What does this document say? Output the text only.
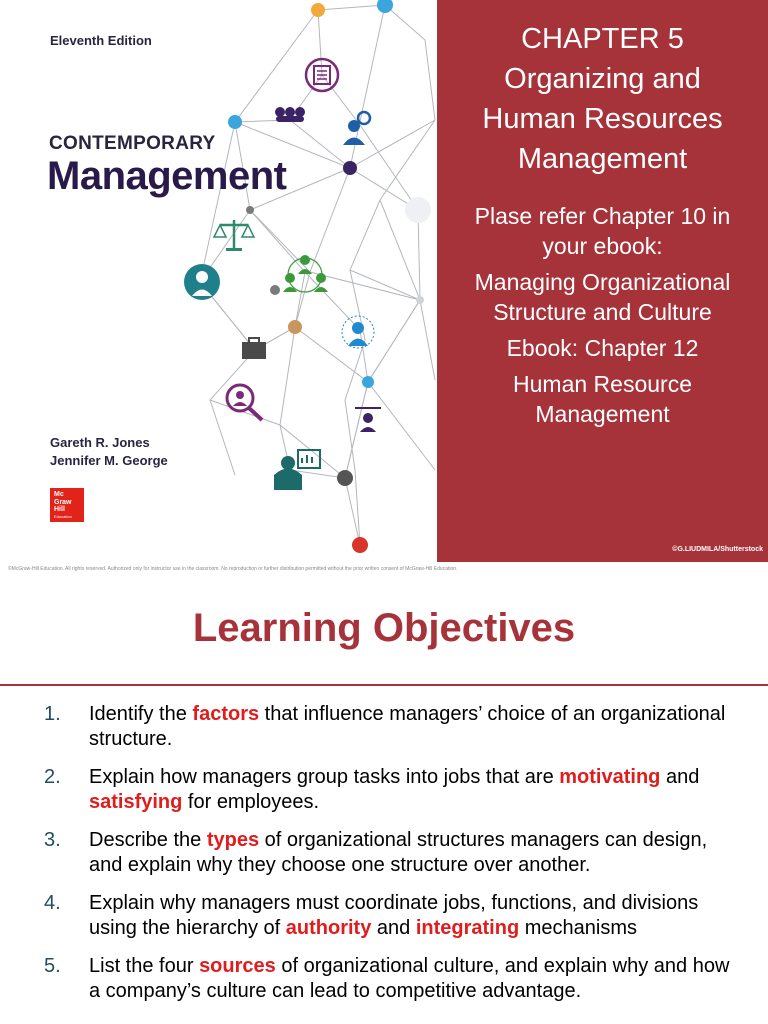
Eleventh Edition
CONTEMPORARY
Management
Gareth R. Jones
Jennifer M. George
Mc
Graw
Hill
Education
CHAPTER 5
Organizing and
Human Resources
Management
Plase refer Chapter 10 in
your ebook:
Managing Organizational
Structure and Culture
Ebook: Chapter 12
Human Resource
Management
©G.LIUDMILA/Shutterstock
©McGraw-Hill Education. All rights reserved. Authorized only for instructor use in the classroom. No reproduction or further distribution permitted without the prior written consent of McGraw-Hill Education.
Learning Objectives
1.	Identify the factors that influence managers’ choice of an organizational structure.
2.	Explain how managers group tasks into jobs that are motivating and satisfying for employees.
3.	Describe the types of organizational structures managers can design, and explain why they choose one structure over another.
4.	Explain why managers must coordinate jobs, functions, and divisions using the hierarchy of authority and integrating mechanisms
5.	List the four sources of organizational culture, and explain why and how a company’s culture can lead to competitive advantage.
